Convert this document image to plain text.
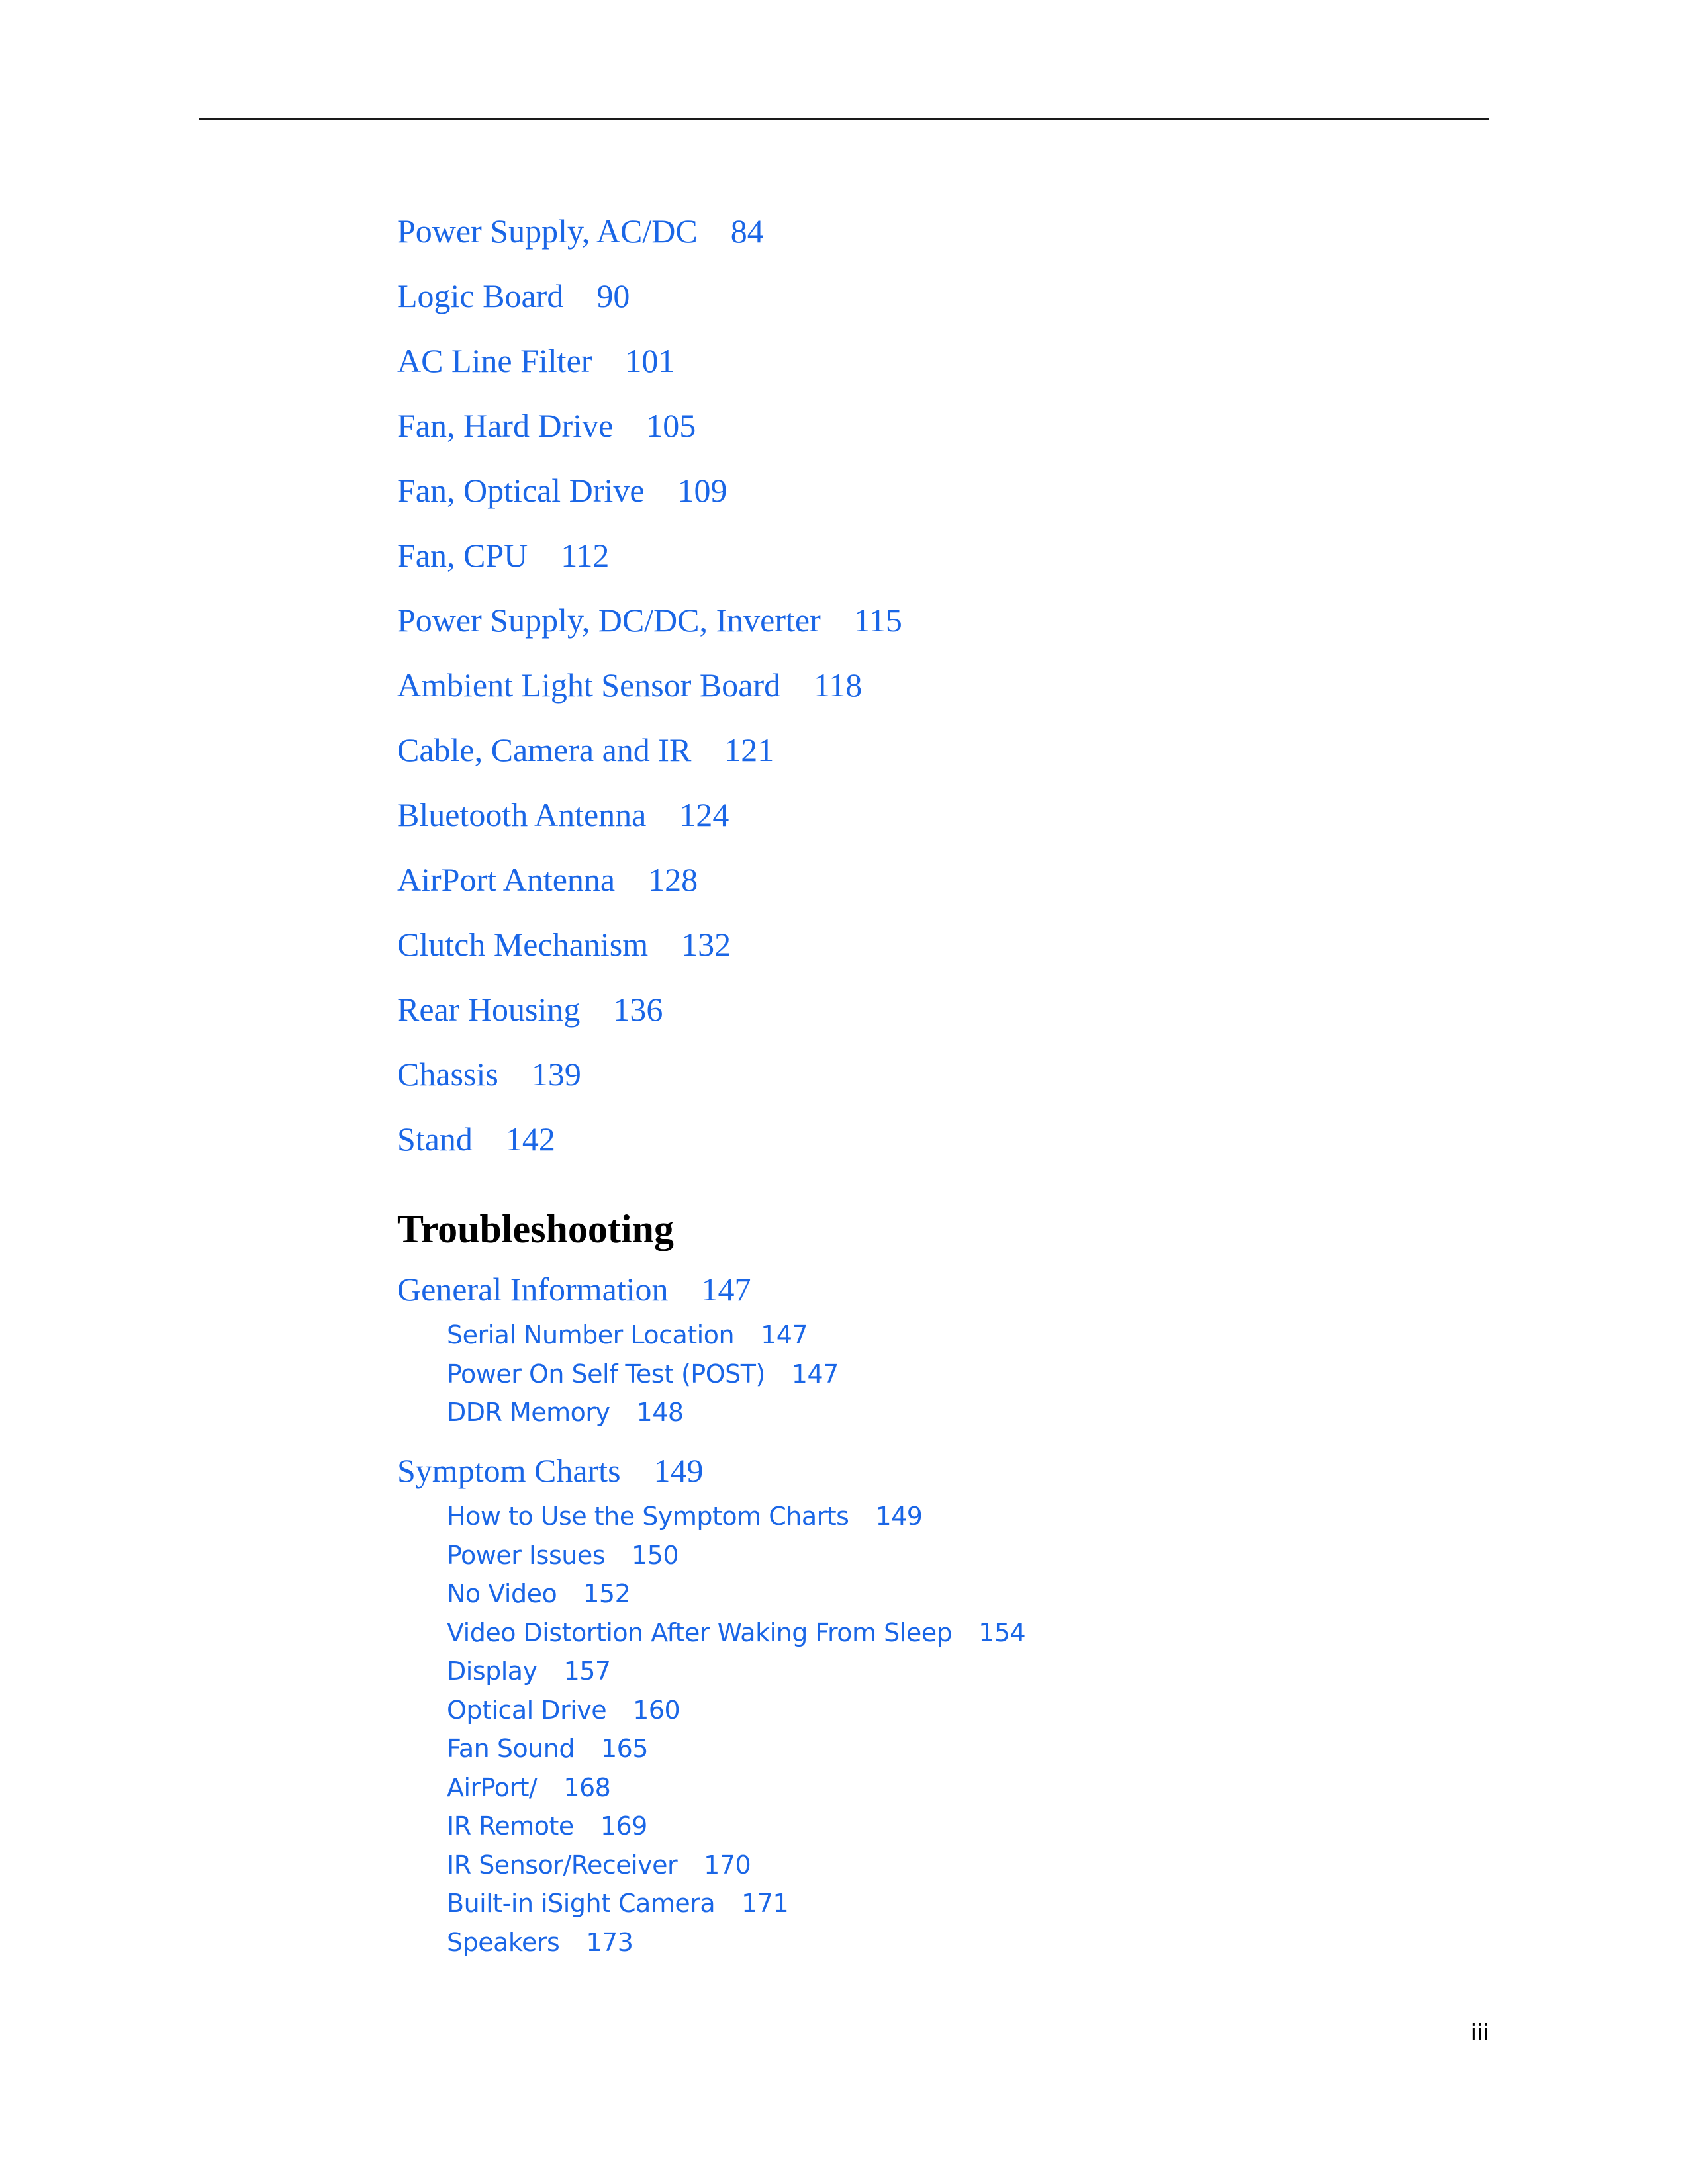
Power Supply, AC/DC 84
Logic Board 90
AC Line Filter 101
Fan, Hard Drive 105
Fan, Optical Drive 109
Fan, CPU 112
Power Supply, DC/DC, Inverter 115
Ambient Light Sensor Board 118
Cable, Camera and IR 121
Bluetooth Antenna 124
AirPort Antenna 128
Clutch Mechanism 132
Rear Housing 136
Chassis 139
Stand 142
Troubleshooting
General Information 147
Serial Number Location 147
Power On Self Test (POST) 147
DDR Memory 148
Symptom Charts 149
How to Use the Symptom Charts 149
Power Issues 150
No Video 152
Video Distortion After Waking From Sleep 154
Display 157
Optical Drive 160
Fan Sound 165
AirPort/ 168
IR Remote 169
IR Sensor/Receiver 170
Built-in iSight Camera 171
Speakers 173
iii
